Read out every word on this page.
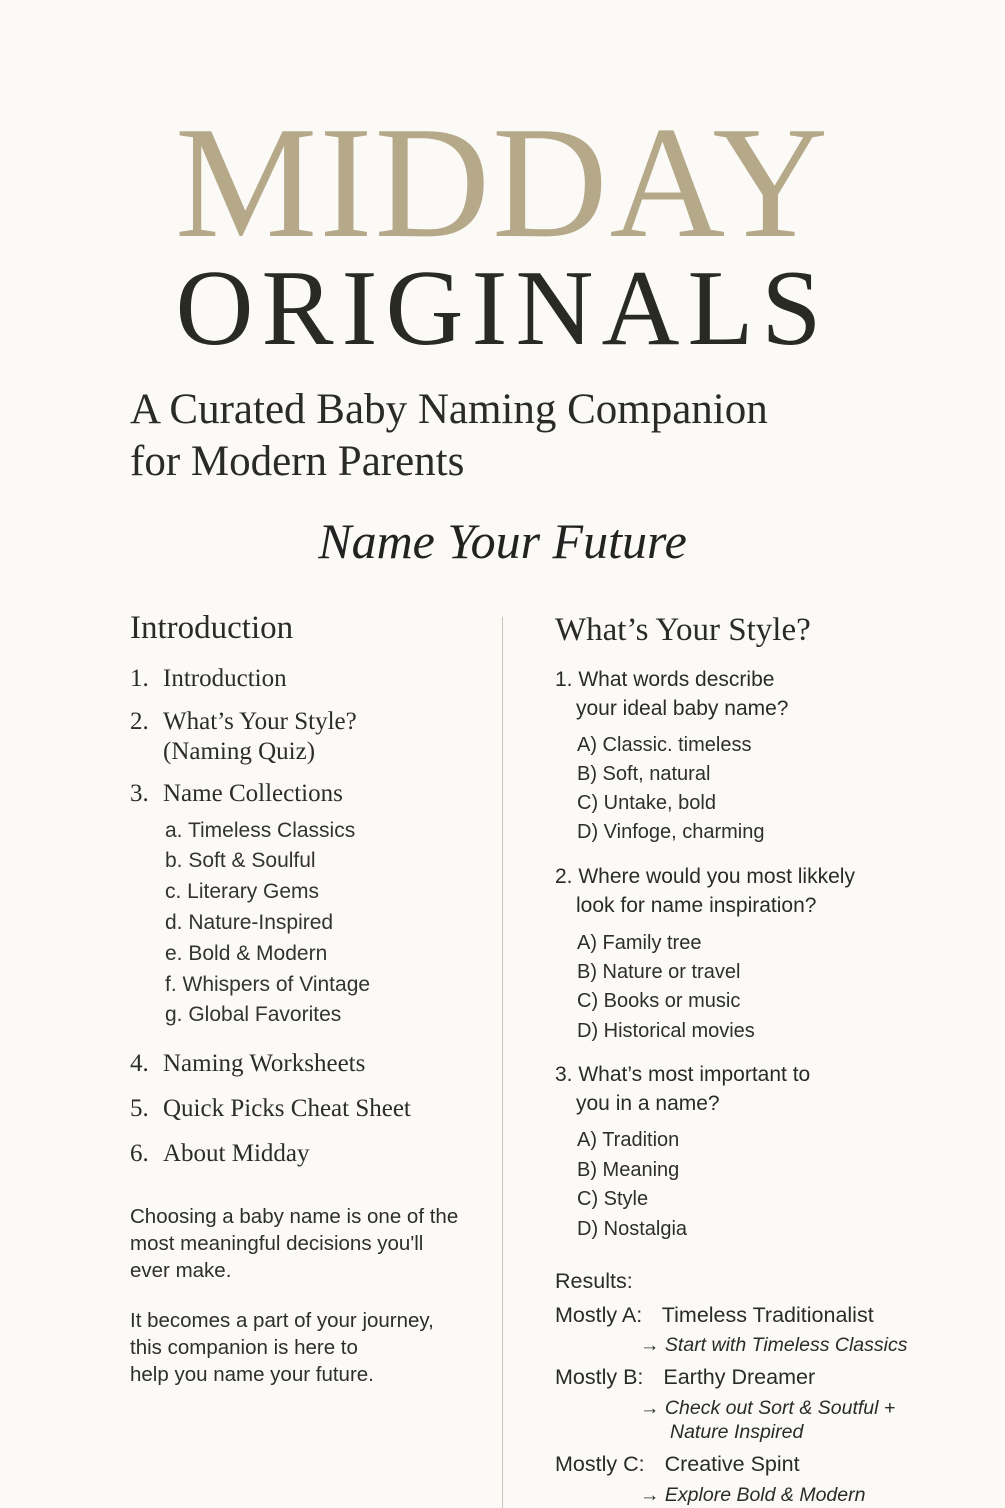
MIDDAY
ORIGINALS
A Curated Baby Naming Companion
for Modern Parents
Name Your Future
Introduction
1. Introduction
2. What’s Your Style?
(Naming Quiz)
3. Name Collections
a. Timeless Classics
b. Soft & Soulful
c. Literary Gems
d. Nature-Inspired
e. Bold & Modern
f. Whispers of Vintage
g. Global Favorites
4. Naming Worksheets
5. Quick Picks Cheat Sheet
6. About Midday
Choosing a baby name is one of the
most meaningful decisions you'll
ever make.
It becomes a part of your journey,
this companion is here to
help you name your future.
What’s Your Style?
1. What words describe
your ideal baby name?
A) Classic. timeless
B) Soft, natural
C) Untake, bold
D) Vinfoge, charming
2. Where would you most likkely
look for name inspiration?
A) Family tree
B) Nature or travel
C) Books or music
D) Historical movies
3. What’s most important to
you in a name?
A) Tradition
B) Meaning
C) Style
D) Nostalgia
Results:
Mostly A: Timeless Traditionalist
→ Start with Timeless Classics
Mostly B: Earthy Dreamer
→ Check out Sort & Soutful +
Nature Inspired
Mostly C: Creative Spint
→ Explore Bold & Modern
